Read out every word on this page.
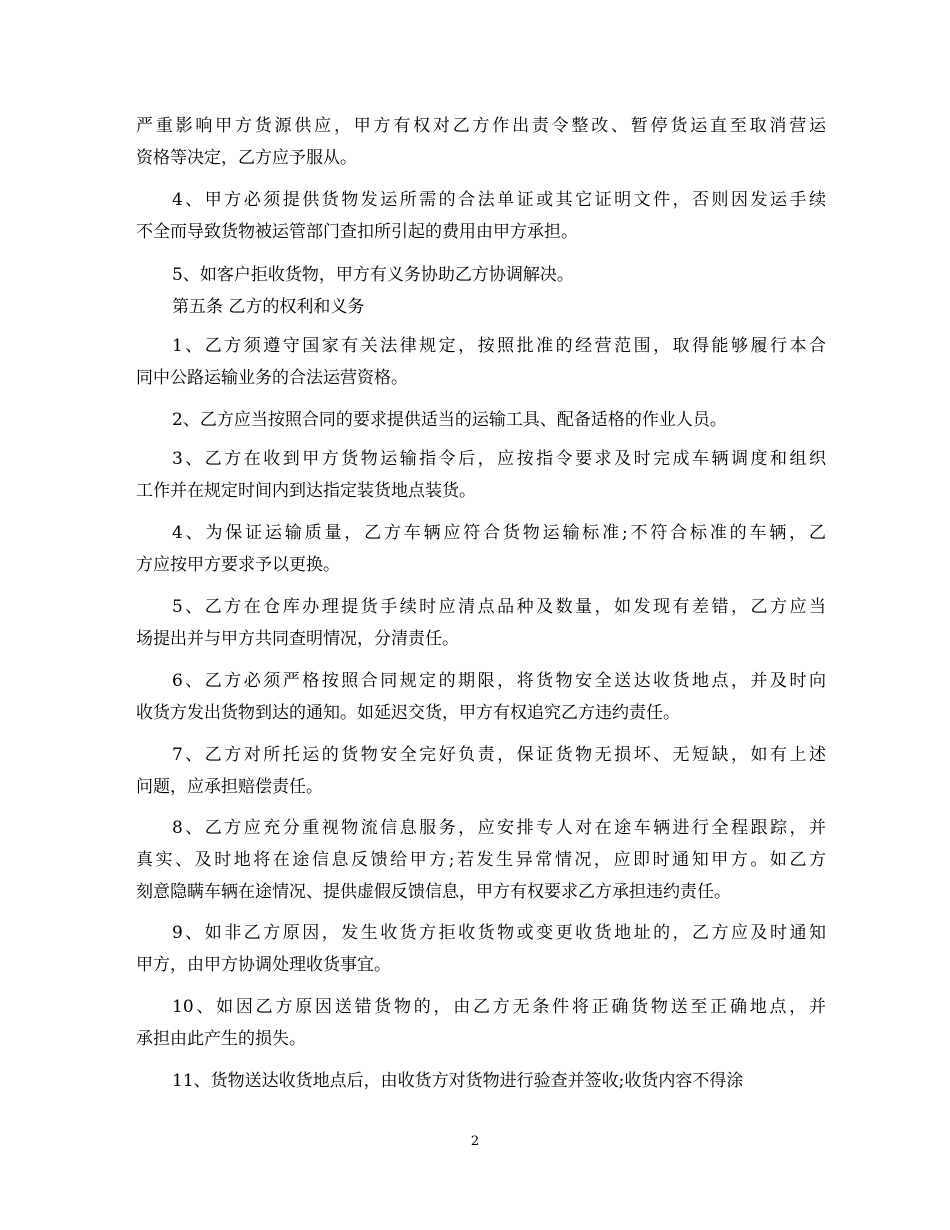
严重影响甲方货源供应，甲方有权对乙方作出责令整改、暂停货运直至取消营运
资格等决定，乙方应予服从。
4、甲方必须提供货物发运所需的合法单证或其它证明文件，否则因发运手续
不全而导致货物被运管部门查扣所引起的费用由甲方承担。
5、如客户拒收货物，甲方有义务协助乙方协调解决。
第五条 乙方的权利和义务
1、乙方须遵守国家有关法律规定，按照批准的经营范围，取得能够履行本合
同中公路运输业务的合法运营资格。
2、乙方应当按照合同的要求提供适当的运输工具、配备适格的作业人员。
3、乙方在收到甲方货物运输指令后，应按指令要求及时完成车辆调度和组织
工作并在规定时间内到达指定装货地点装货。
4、为保证运输质量，乙方车辆应符合货物运输标准;不符合标准的车辆，乙
方应按甲方要求予以更换。
5、乙方在仓库办理提货手续时应清点品种及数量，如发现有差错，乙方应当
场提出并与甲方共同查明情况，分清责任。
6、乙方必须严格按照合同规定的期限，将货物安全送达收货地点，并及时向
收货方发出货物到达的通知。如延迟交货，甲方有权追究乙方违约责任。
7、乙方对所托运的货物安全完好负责，保证货物无损坏、无短缺，如有上述
问题，应承担赔偿责任。
8、乙方应充分重视物流信息服务，应安排专人对在途车辆进行全程跟踪，并
真实、及时地将在途信息反馈给甲方;若发生异常情况，应即时通知甲方。如乙方
刻意隐瞒车辆在途情况、提供虚假反馈信息，甲方有权要求乙方承担违约责任。
9、如非乙方原因，发生收货方拒收货物或变更收货地址的，乙方应及时通知
甲方，由甲方协调处理收货事宜。
10、如因乙方原因送错货物的，由乙方无条件将正确货物送至正确地点，并
承担由此产生的损失。
11、货物送达收货地点后，由收货方对货物进行验查并签收;收货内容不得涂
2
